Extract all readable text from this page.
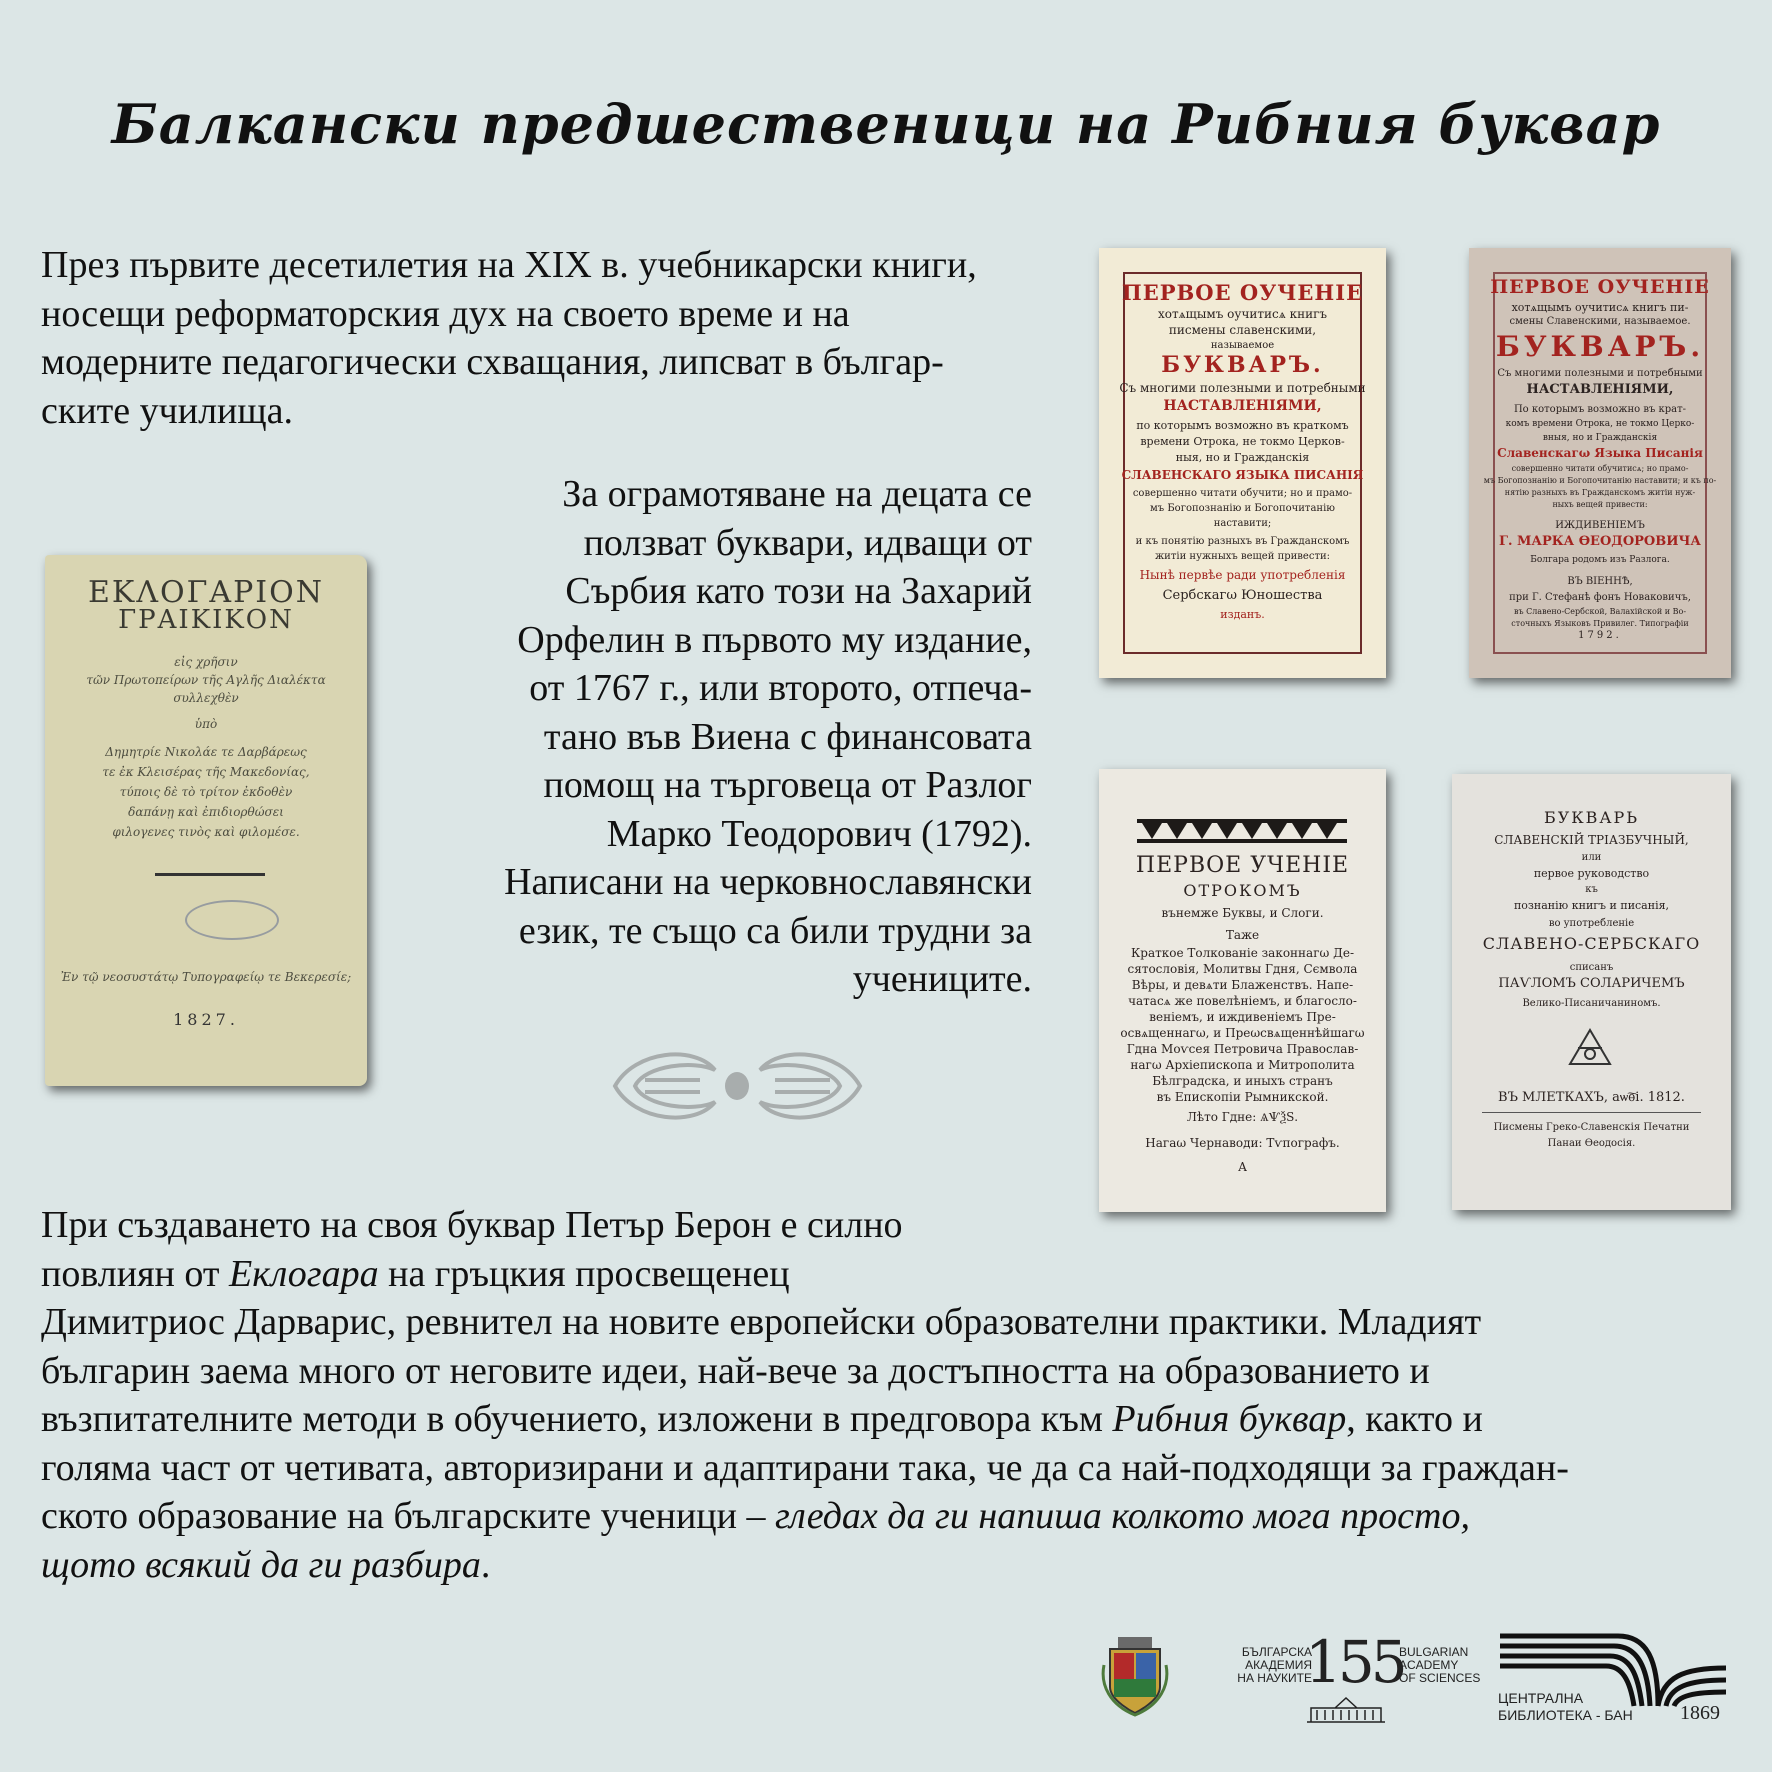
Балкански предшественици на Рибния буквар
През първите десетилетия на XIX в. учебникарски книги,
носещи реформаторския дух на своето време и на
модерните педагогически схващания, липсват в българ-
ските училища.
За ограмотяване на децата се
ползват буквари, идващи от
Сърбия като този на Захарий
Орфелин в първото му издание,
от 1767 г., или второто, отпеча-
тано във Виена с финансовата
помощ на търговеца от Разлог
Марко Теодорович (1792).
Написани на черковнославянски
език, те също са били трудни за
учениците.
При създаването на своя буквар Петър Берон е силно
повлиян от Еклогара на гръцкия просвещенец
Димитриос Дарварис, ревнител на новите европейски образователни практики. Младият
българин заема много от неговите идеи, най-вече за достъпността на образованието и
възпитателните методи в обучението, изложени в предговора към Рибния буквар, както и
голяма част от четивата, авторизирани и адаптирани така, че да са най-подходящи за граждан-
ското образование на българските ученици – гледах да ги напиша колкото мога просто,
щото всякий да ги разбира.
ΕΚΛΟΓΑΡΙΟΝ
ΓΡΑΙΚΙΚΟΝ
εἰς χρῆσιν
τῶν Πρωτοπείρων τῆς Αγλῆς Διαλέκτα
συλλεχθὲν
ὑπὸ
Δημητρίε Νικολάε τε Δαρβάρεως
τε ἐκ Κλεισέρας τῆς Μακεδονίας,
τύποις δὲ τὸ τρίτον ἐκδοθὲν
δαπάνῃ καὶ ἐπιδιορθώσει
φιλογενες τινὸς καὶ φιλομέσε.
Ἐν τῷ νεοσυστάτῳ Τυπογραφείῳ τε Βεκερεσίε;
1827.
ПЕРВОЕ ОУЧЕНІЕ
хотѧщымъ оучитисѧ книгъ
писмены славенскими,
называемое
БУКВАРЪ.
Съ многими полезными и потребными
НАСТАВЛЕНІЯМИ,
по которымъ возможно въ краткомъ
времени Отрока, не токмо Церков-
ныя, но и Гражданскія
СЛАВЕНСКАГО ЯЗЫКА ПИСАНІЯ
совершенно читати обучити; но и прамо-
мъ Богопознанію и Богопочитанію
наставити;
и къ понятію разныхъ въ Гражданскомъ
житіи нужныхъ вещей привести:
Нынѣ первѣе ради употребленія
Сербскагω Юношества
изданъ.
ПЕРВОЕ ОУЧЕНІЕ
хотѧщымъ оучитисѧ книгъ пи-
смены Славенскими, называемое.
БУКВАРЪ.
Съ многими полезными и потребными
НАСТАВЛЕНІЯМИ,
По которымъ возможно въ крат-
комъ времени Отрока, не токмо Церко-
вныя, но и Гражданскія
Славенскагω Языка Писанія
совершенно читати обучитисѧ; но прамо-
мъ Богопознанію и Богопочитанію наставити; и къ по-
нятію разныхъ въ Гражданскомъ житіи нуж-
ныхъ вещей привести:
ИЖДИВЕНІЕМЪ
Г. МАРКА ѲЕОДОРОВИЧА
Болгара родомъ изъ Разлога.
ВЪ ВІЕННѢ,
при Г. Стефанѣ фонъ Новаковичъ,
въ Славено-Сербской, Валахійской и Во-
сточныхъ Языковъ Привилег. Типографіи
1792.
ПЕРВОЕ УЧЕНІЕ
ОТРОКОМЪ
вънемже Буквы, и Слоги.
Таже
Краткое Толкованіе законнагω Де-
сятословія, Молитвы Гдня, Сϵмвола
Вѣры, и девѧти Блаженствъ. Напе-
чатасѧ же повелѣніемъ, и благосло-
веніемъ, и иждивеніемъ Пре-
освѧщеннагω, и Преωсвѧщеннѣйшагω
Гдна Моѵсея Петровича Православ-
нагω Архіепископа и Митрополита
Бѣлградска, и иныхъ странъ
въ Епископіи Рымникской.
Лѣто Гдне: ѦѰѮЅ.
Нагаω Чернаводи: Тѵпографъ.
А
БУКВАРЬ
СЛАВЕНСКІЙ ТРІАЗБУЧНЫЙ,
или
первое руководство
къ
познанію книгъ и писанія,
во употребленіе
СЛАВЕНО-СЕРБСКАГО
списанъ
ПАѴЛОМЪ СОЛАРИЧЕМЪ
Велико-Писаничаниномъ.
ВЪ МЛЕТКАХЪ, аѡ͠ѳі. 1812.
Писмены Греко-Славенскія Печатни
Панаи Ѳеодосія.
БЪЛГАРСКА
АКАДЕМИЯ
НА НАУКИТЕ
155
BULGARIAN
ACADEMY
OF SCIENCES
ЦЕНТРАЛНА
БИБЛИОТЕКА - БАН 1869
